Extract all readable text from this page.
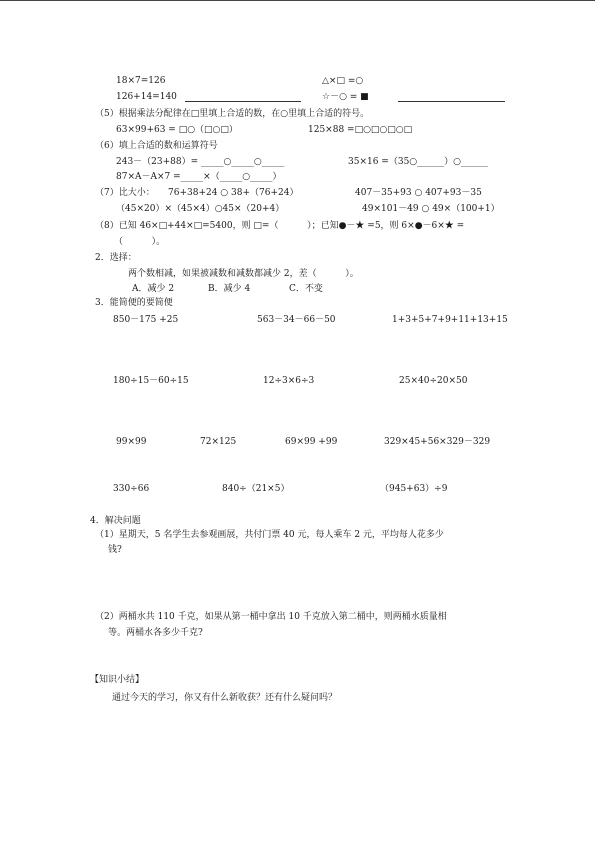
18×7=126	△×□ =○
126+14=140	☆－○ = ■
（5）根据乘法分配律在□里填上合适的数，在○里填上合适的符号。
63×99+63 = □○（□○□）	125×88 =□○□○□○□
（6）填上合适的数和运算符号
243－（23+88）= _____○_____○_____	35×16 =（35○______）○______
87×A－A×7 =_____×（_____○_____）
（7）比大小： 76+38+24 ○ 38+（76+24）	407－35+93 ○ 407+93－35
（45×20）×（45×4）○45×（20+4）	49×101－49 ○ 49×（100+1）
（8）已知 46×□+44×□=5400，则 □=（          ）；已知●－★ =5，则 6×●－6×★ =
（          ）。
2．选择：
两个数相减，如果被减数和减数都减少 2，差（          ）。
A．减少 2	B．减少 4	C．不变
3．能简便的要简便
850－175 +25	563－34－66－50	1+3+5+7+9+11+13+15
180÷15－60÷15	12÷3×6÷3	25×40÷20×50
99×99	72×125	69×99 +99	329×45+56×329－329
330÷66	840÷（21×5）	（945+63）÷9
4．解决问题
（1）星期天，5 名学生去参观画展，共付门票 40 元，每人乘车 2 元，平均每人花多少
钱?
（2）两桶水共 110 千克，如果从第一桶中拿出 10 千克放入第二桶中，则两桶水质量相
等。两桶水各多少千克?
【知识小结】
通过今天的学习，你又有什么新收获？还有什么疑问吗？
